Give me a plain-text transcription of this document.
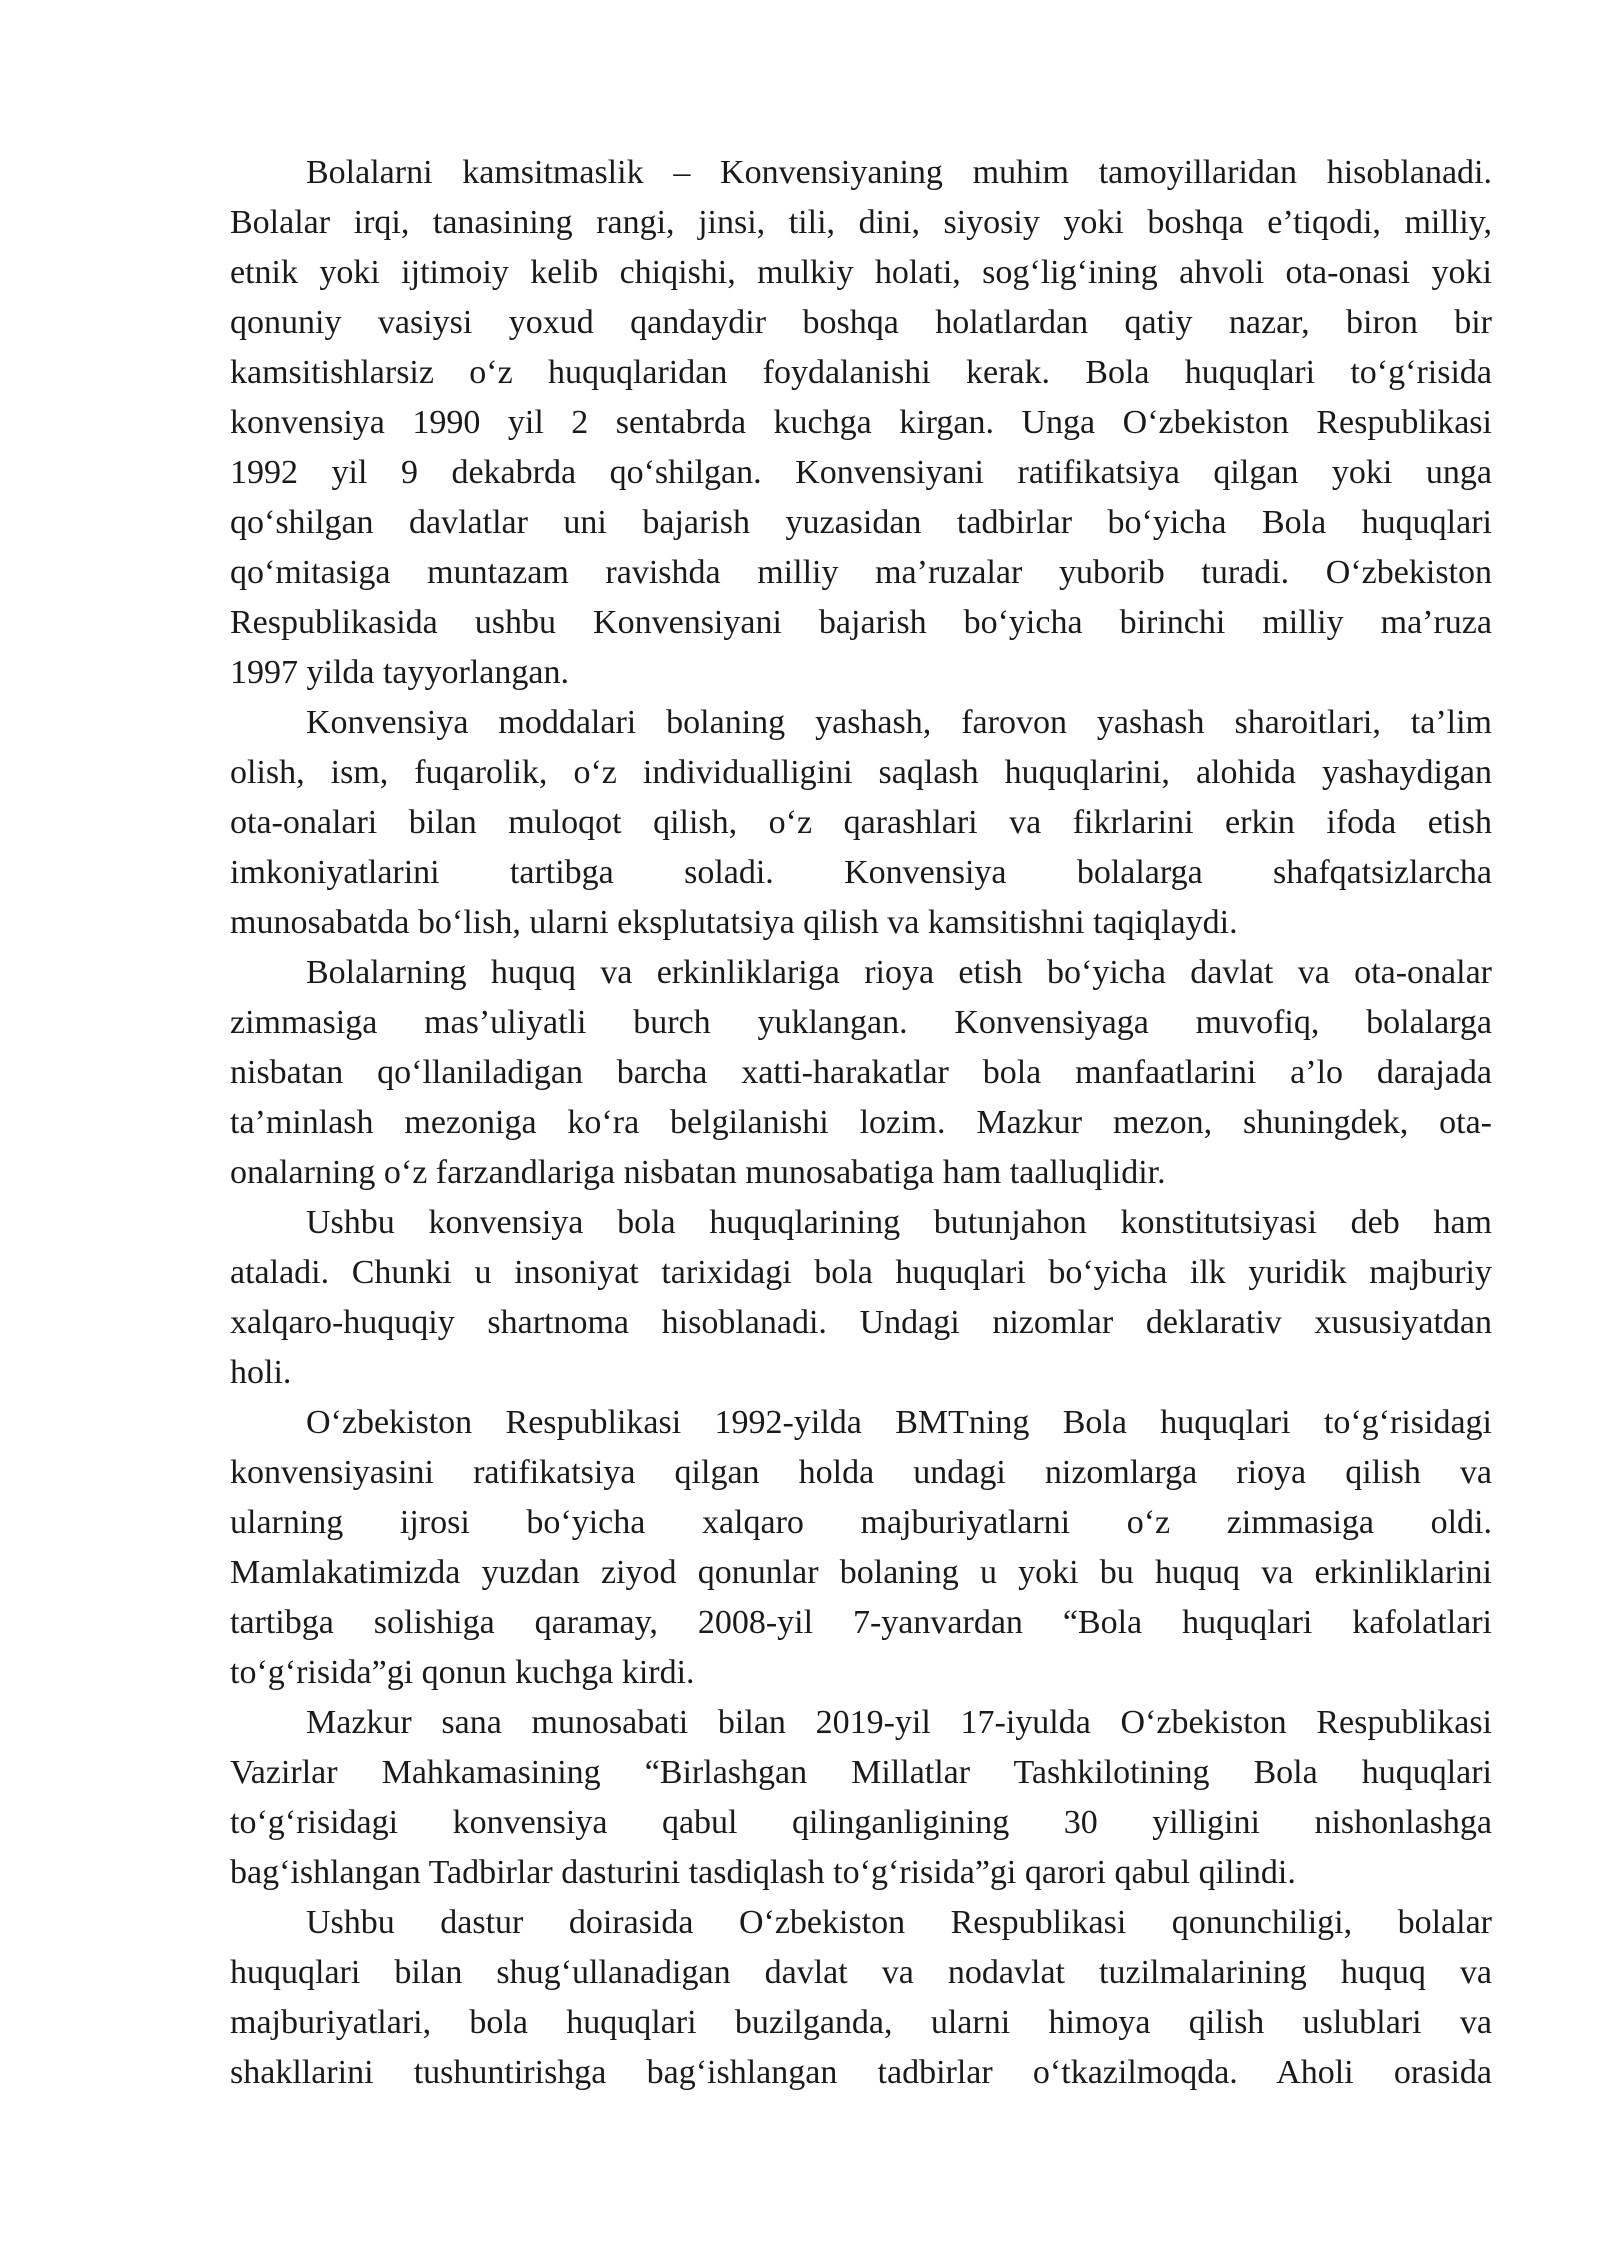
Bolalarni kamsitmaslik – Konvensiyaning muhim tamoyillaridan hisoblanadi.
Bolalar irqi, tanasining rangi, jinsi, tili, dini, siyosiy yoki boshqa e’tiqodi, milliy,
etnik yoki ijtimoiy kelib chiqishi, mulkiy holati, sog‘lig‘ining ahvoli ota-onasi yoki
qonuniy vasiysi yoxud qandaydir boshqa holatlardan qatiy nazar, biron bir
kamsitishlarsiz o‘z huquqlaridan foydalanishi kerak. Bola huquqlari to‘g‘risida
konvensiya 1990 yil 2 sentabrda kuchga kirgan. Unga O‘zbekiston Respublikasi
1992 yil 9 dekabrda qo‘shilgan. Konvensiyani ratifikatsiya qilgan yoki unga
qo‘shilgan davlatlar uni bajarish yuzasidan tadbirlar bo‘yicha Bola huquqlari
qo‘mitasiga muntazam ravishda milliy ma’ruzalar yuborib turadi. O‘zbekiston
Respublikasida ushbu Konvensiyani bajarish bo‘yicha birinchi milliy ma’ruza
1997 yilda tayyorlangan.

Konvensiya moddalari bolaning yashash, farovon yashash sharoitlari, ta’lim
olish, ism, fuqarolik, o‘z individualligini saqlash huquqlarini, alohida yashaydigan
ota-onalari bilan muloqot qilish, o‘z qarashlari va fikrlarini erkin ifoda etish
imkoniyatlarini tartibga soladi. Konvensiya bolalarga shafqatsizlarcha
munosabatda bo‘lish, ularni eksplutatsiya qilish va kamsitishni taqiqlaydi.

Bolalarning huquq va erkinliklariga rioya etish bo‘yicha davlat va ota-onalar
zimmasiga mas’uliyatli burch yuklangan. Konvensiyaga muvofiq, bolalarga
nisbatan qo‘llaniladigan barcha xatti-harakatlar bola manfaatlarini a’lo darajada
ta’minlash mezoniga ko‘ra belgilanishi lozim. Mazkur mezon, shuningdek, ota-
onalarning o‘z farzandlariga nisbatan munosabatiga ham taalluqlidir.

Ushbu konvensiya bola huquqlarining butunjahon konstitutsiyasi deb ham
ataladi. Chunki u insoniyat tarixidagi bola huquqlari bo‘yicha ilk yuridik majburiy
xalqaro-huquqiy shartnoma hisoblanadi. Undagi nizomlar deklarativ xususiyatdan
holi.

O‘zbekiston Respublikasi 1992-yilda BMTning Bola huquqlari to‘g‘risidagi
konvensiyasini ratifikatsiya qilgan holda undagi nizomlarga rioya qilish va
ularning ijrosi bo‘yicha xalqaro majburiyatlarni o‘z zimmasiga oldi.
Mamlakatimizda yuzdan ziyod qonunlar bolaning u yoki bu huquq va erkinliklarini
tartibga solishiga qaramay, 2008-yil 7-yanvardan “Bola huquqlari kafolatlari
to‘g‘risida”gi qonun kuchga kirdi.

Mazkur sana munosabati bilan 2019-yil 17-iyulda O‘zbekiston Respublikasi
Vazirlar Mahkamasining “Birlashgan Millatlar Tashkilotining Bola huquqlari
to‘g‘risidagi konvensiya qabul qilinganligining 30 yilligini nishonlashga
bag‘ishlangan Tadbirlar dasturini tasdiqlash to‘g‘risida”gi qarori qabul qilindi.

Ushbu dastur doirasida O‘zbekiston Respublikasi qonunchiligi, bolalar
huquqlari bilan shug‘ullanadigan davlat va nodavlat tuzilmalarining huquq va
majburiyatlari, bola huquqlari buzilganda, ularni himoya qilish uslublari va
shakllarini tushuntirishga bag‘ishlangan tadbirlar o‘tkazilmoqda. Aholi orasida
